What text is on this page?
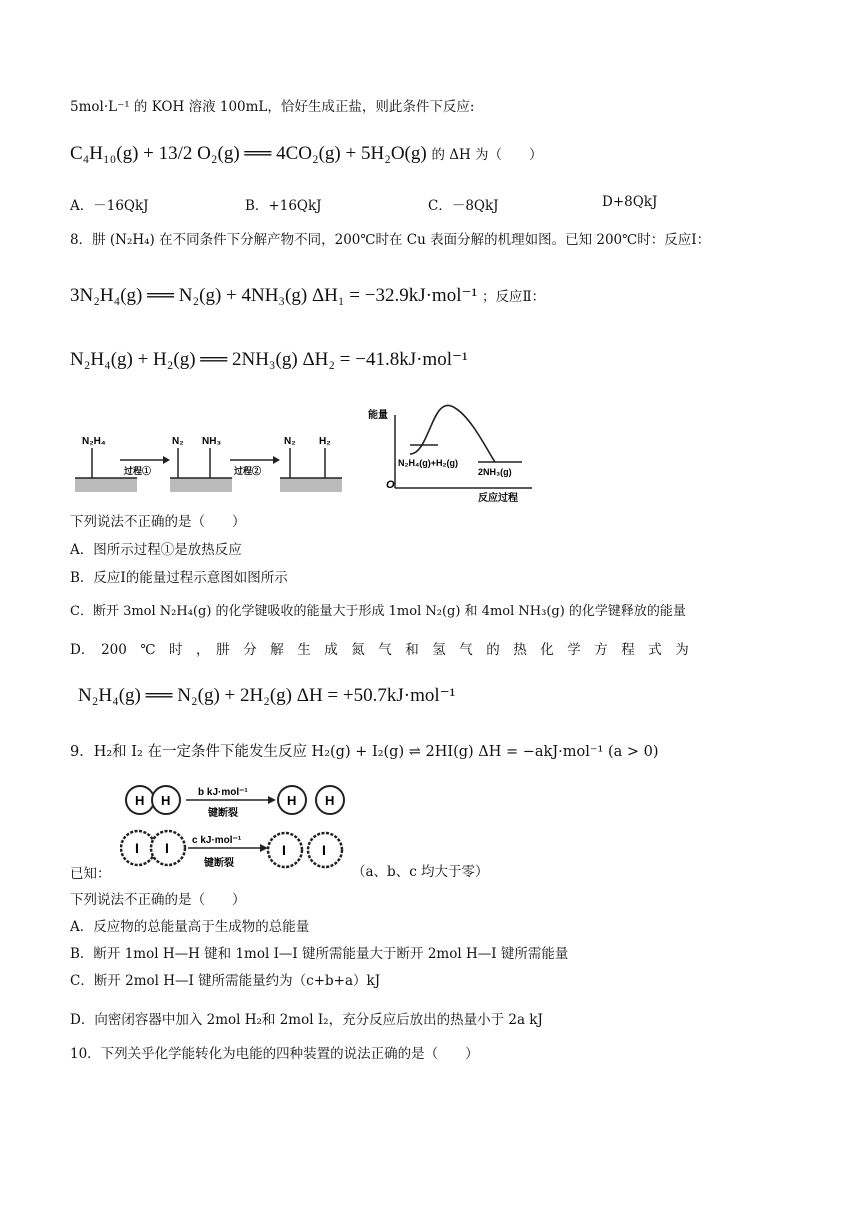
5mol·L⁻¹ 的 KOH 溶液 100mL，恰好生成正盐，则此条件下反应:
C₄H₁₀(g) + 13/2 O₂(g) ══ 4CO₂(g) + 5H₂O(g) 的 ΔH 为（　　）
A．－16QkJ	B．+16QkJ	C．－8QkJ	D+8QkJ
8．肼 (N₂H₄) 在不同条件下分解产物不同，200℃时在 Cu 表面分解的机理如图。已知 200℃时：反应Ⅰ：
3N₂H₄(g) ══ N₂(g) + 4NH₃(g) ΔH₁ = −32.9kJ·mol⁻¹ ；反应Ⅱ：
N₂H₄(g) + H₂(g) ══ 2NH₃(g) ΔH₂ = −41.8kJ·mol⁻¹
N₂H₄	N₂ NH₃	N₂ H₂
过程①	过程②
能量
O
N₂H₄(g)+H₂(g)
2NH₃(g)
反应过程
下列说法不正确的是（　　）
A．图所示过程①是放热反应
B．反应Ⅰ的能量过程示意图如图所示
C．断开 3mol N₂H₄(g) 的化学键吸收的能量大于形成 1mol N₂(g) 和 4mol NH₃(g) 的化学键释放的能量
D．　200　℃　时　，　肼　分　解　生　成　氮　气　和　氢　气　的　热　化　学　方　程　式　为
N₂H₄(g) ══ N₂(g) + 2H₂(g) ΔH = +50.7kJ·mol⁻¹
9．H₂和 I₂ 在一定条件下能发生反应 H₂(g) + I₂(g) ⇌ 2HI(g) ΔH = −akJ·mol⁻¹ (a > 0)
H H
b kJ·mol⁻¹
键断裂
H H
I I c kJ·mol⁻¹
键断裂
I	I
已知：	（a、b、c 均大于零）
下列说法不正确的是（　　）
A．反应物的总能量高于生成物的总能量
B．断开 1mol H—H 键和 1mol I—I 键所需能量大于断开 2mol H—I 键所需能量
C．断开 2mol H—I 键所需能量约为（c+b+a）kJ
D．向密闭容器中加入 2mol H₂和 2mol I₂，充分反应后放出的热量小于 2a kJ
10．下列关乎化学能转化为电能的四种装置的说法正确的是（　　）
